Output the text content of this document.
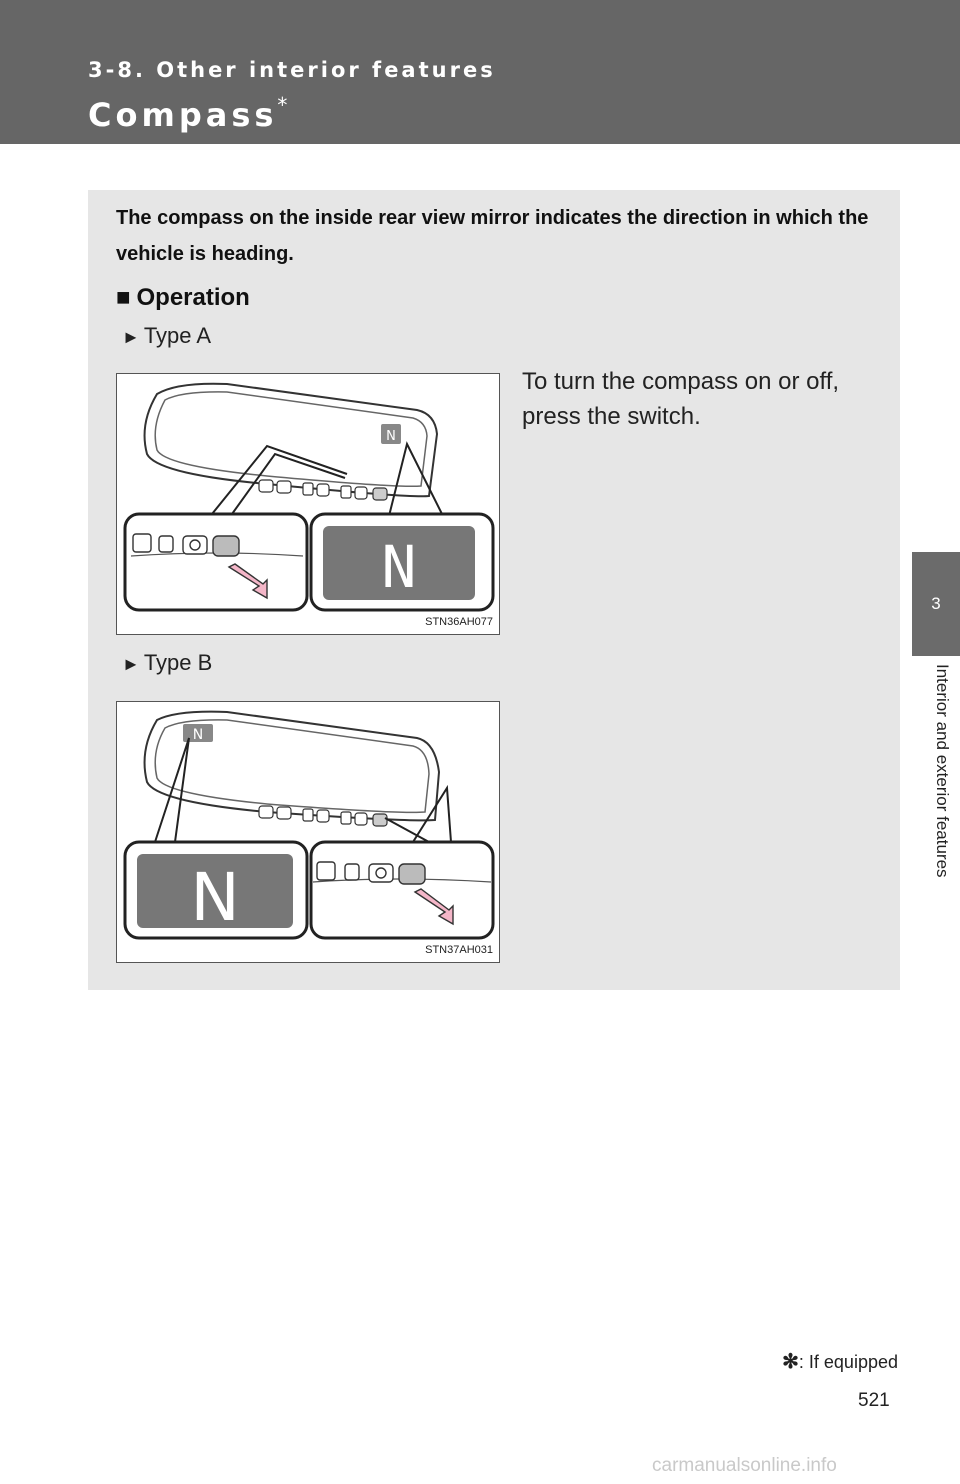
3-8. Other interior features
Compass*
3
Interior and exterior features
The compass on the inside rear view mirror indicates the direction in which the vehicle is heading.
■ Operation
► Type A
To turn the compass on or off, press the switch.
N
N
STN36AH077
► Type B
N
N
STN37AH031
✻: If equipped
521
carmanualsonline.info
